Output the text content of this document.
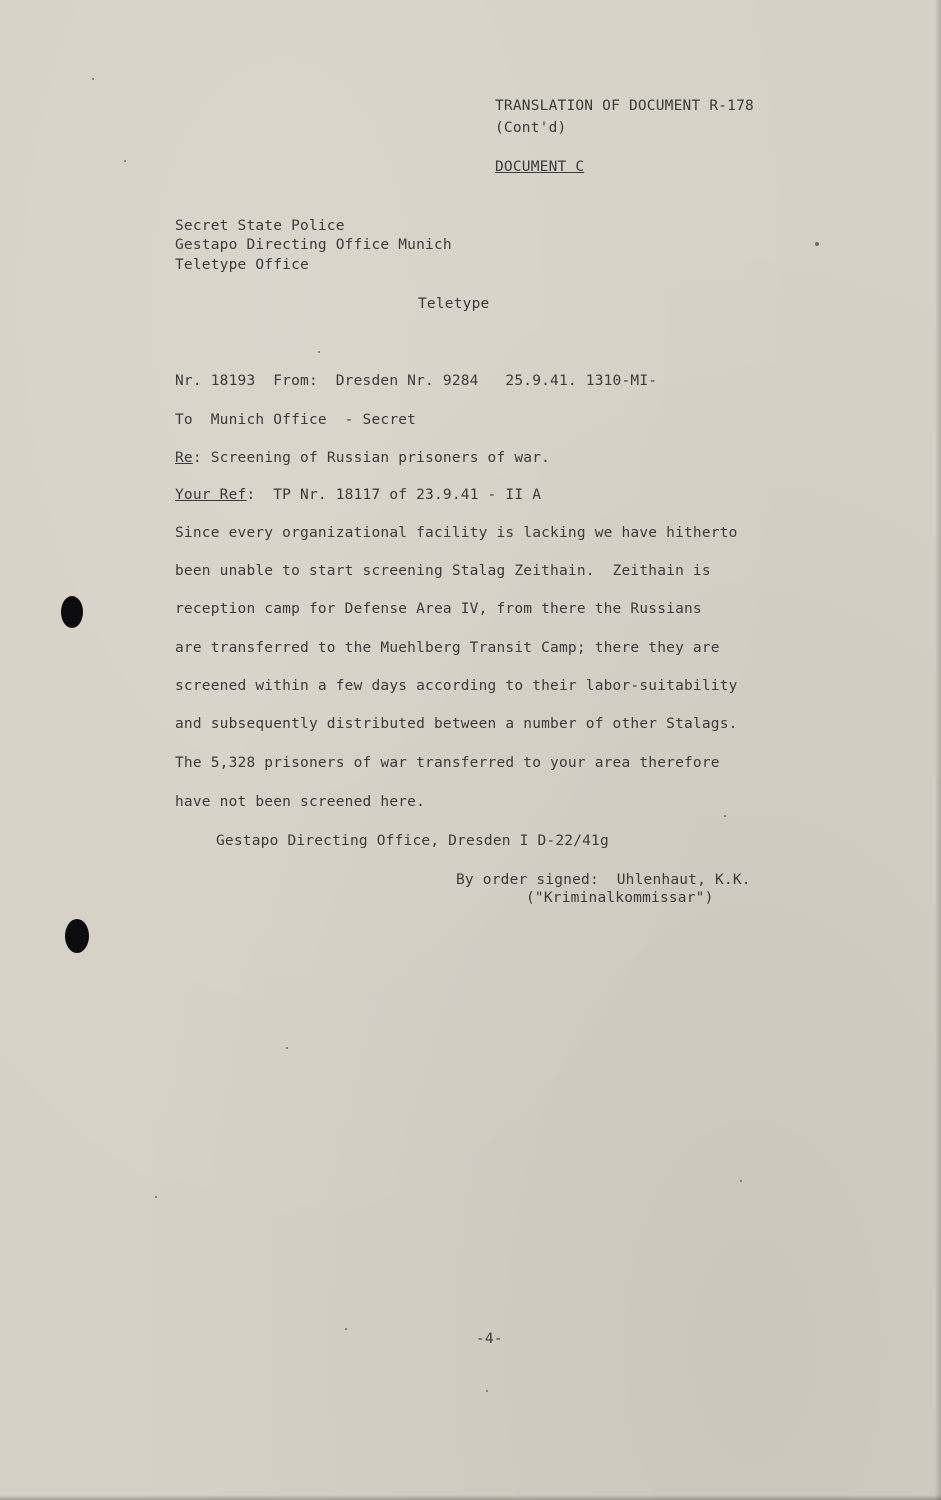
TRANSLATION OF DOCUMENT R-178
(Cont'd)
DOCUMENT C
Secret State Police
Gestapo Directing Office Munich
Teletype Office
Teletype
Nr. 18193  From:  Dresden Nr. 9284   25.9.41. 1310-MI-
To  Munich Office  - Secret
Re: Screening of Russian prisoners of war.
Your Ref:  TP Nr. 18117 of 23.9.41 - II A
Since every organizational facility is lacking we have hitherto
been unable to start screening Stalag Zeithain.  Zeithain is
reception camp for Defense Area IV, from there the Russians
are transferred to the Muehlberg Transit Camp; there they are
screened within a few days according to their labor-suitability
and subsequently distributed between a number of other Stalags.
The 5,328 prisoners of war transferred to your area therefore
have not been screened here.
Gestapo Directing Office, Dresden I D-22/41g
By order signed:  Uhlenhaut, K.K.
("Kriminalkommissar")
-4-
